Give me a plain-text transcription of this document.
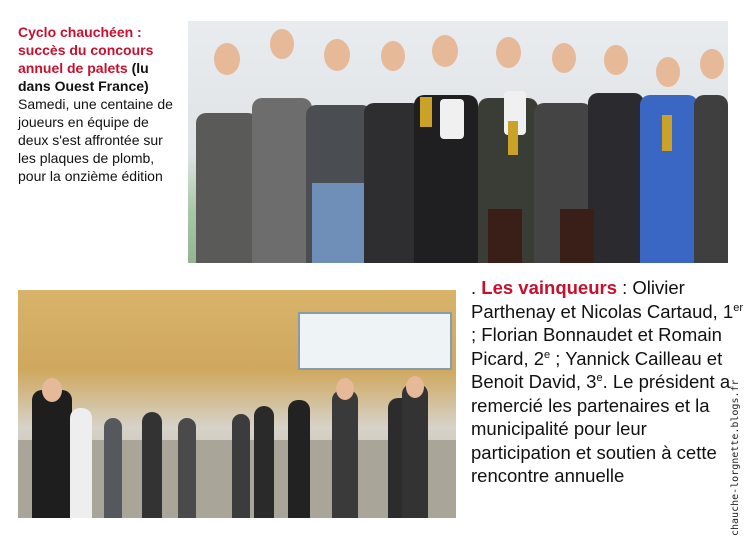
Cyclo chauchéen : succès du concours annuel de palets (lu dans Ouest France) Samedi, une centaine de joueurs en équipe de deux s'est affrontée sur les plaques de plomb, pour la onzième édition
. Les vainqueurs : Olivier Parthenay et Nicolas Cartaud, 1er ; Florian Bonnaudet et Romain Picard, 2e ; Yannick Cailleau et Benoit David, 3e. Le président a remercié les partenaires et la municipalité pour leur participation et soutien à cette rencontre annuelle	chauche-lorgnette.blogs.fr
